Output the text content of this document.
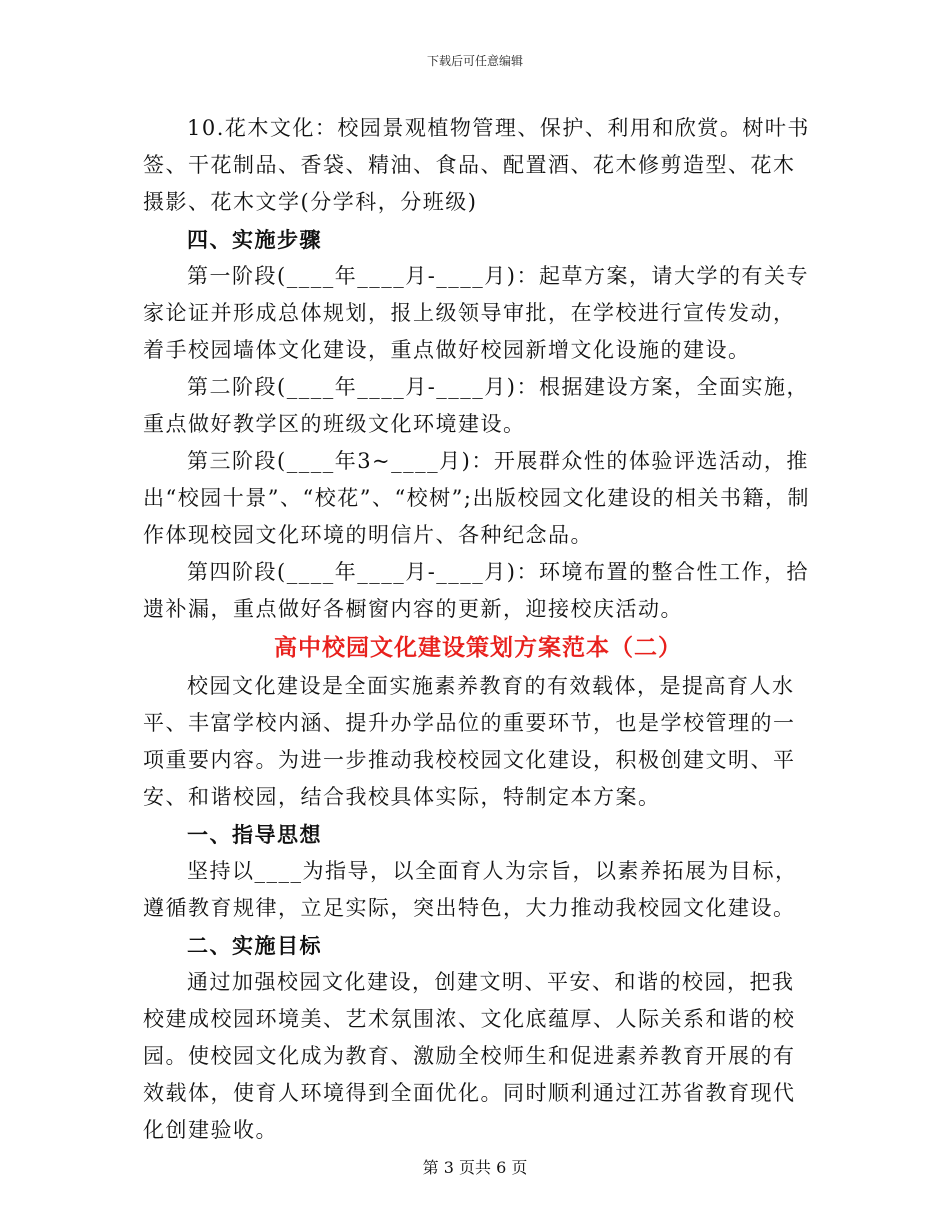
下载后可任意编辑

10.花木文化：校园景观植物管理、保护、利用和欣赏。树叶书签、干花制品、香袋、精油、食品、配置酒、花木修剪造型、花木摄影、花木文学(分学科，分班级)

四、实施步骤

第一阶段(____年____月-____月)：起草方案，请大学的有关专家论证并形成总体规划，报上级领导审批，在学校进行宣传发动，着手校园墙体文化建设，重点做好校园新增文化设施的建设。

第二阶段(____年____月-____月)：根据建设方案，全面实施，重点做好教学区的班级文化环境建设。

第三阶段(____年3~____月)：开展群众性的体验评选活动，推出“校园十景”、“校花”、“校树”;出版校园文化建设的相关书籍，制作体现校园文化环境的明信片、各种纪念品。

第四阶段(____年____月-____月)：环境布置的整合性工作，拾遗补漏，重点做好各橱窗内容的更新，迎接校庆活动。

高中校园文化建设策划方案范本（二）

校园文化建设是全面实施素养教育的有效载体，是提高育人水平、丰富学校内涵、提升办学品位的重要环节，也是学校管理的一项重要内容。为进一步推动我校校园文化建设，积极创建文明、平安、和谐校园，结合我校具体实际，特制定本方案。

一、指导思想

坚持以____为指导，以全面育人为宗旨，以素养拓展为目标，遵循教育规律，立足实际，突出特色，大力推动我校园文化建设。

二、实施目标

通过加强校园文化建设，创建文明、平安、和谐的校园，把我校建成校园环境美、艺术氛围浓、文化底蕴厚、人际关系和谐的校园。使校园文化成为教育、激励全校师生和促进素养教育开展的有效载体，使育人环境得到全面优化。同时顺利通过江苏省教育现代化创建验收。

第 3 页共 6 页
